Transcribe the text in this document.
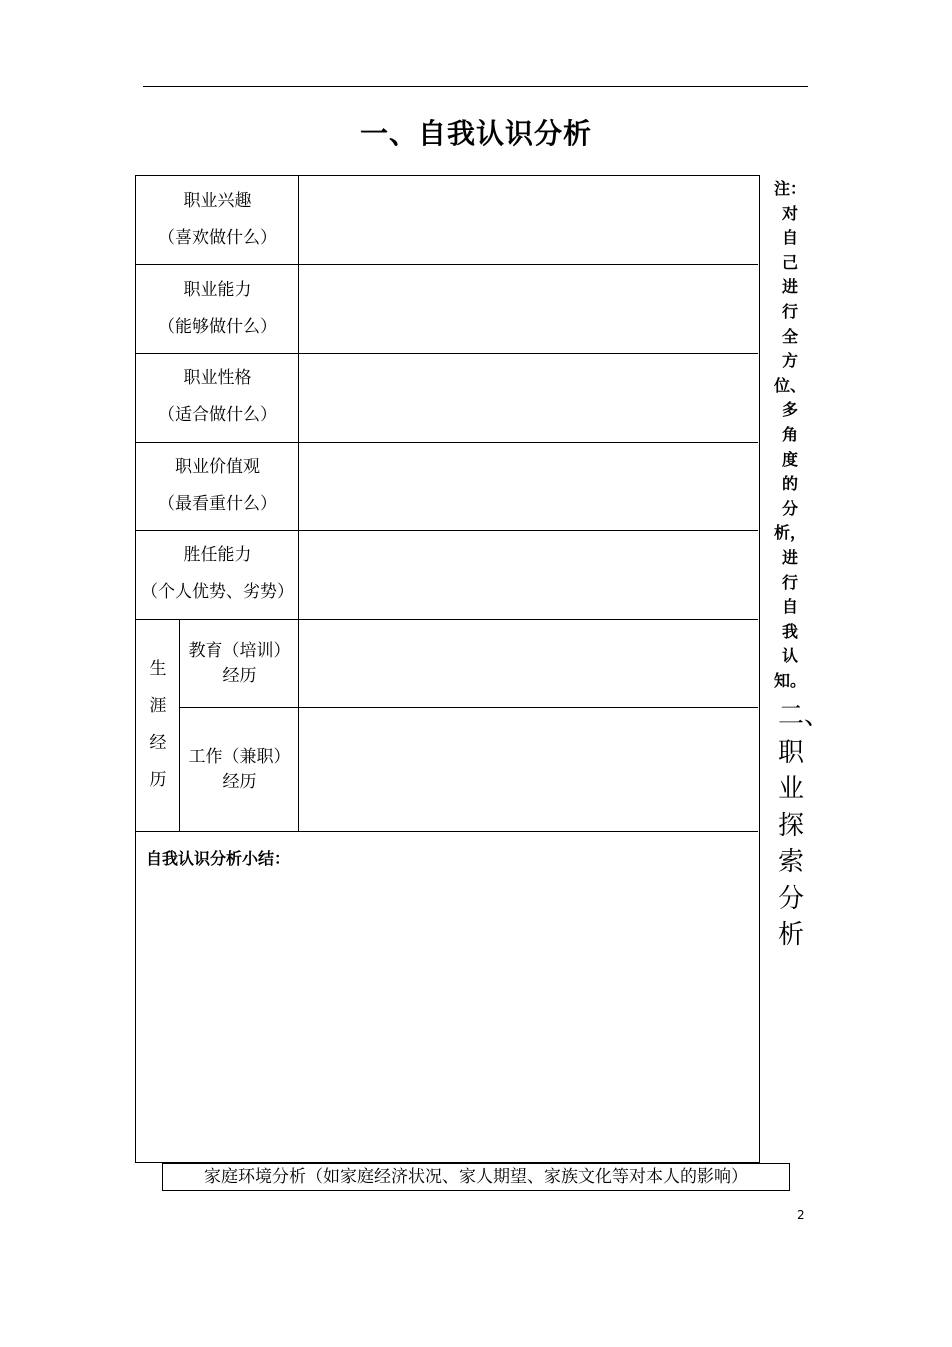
一、自我认识分析
职业兴趣
（喜欢做什么）
职业能力
（能够做什么）
职业性格
（适合做什么）
职业价值观
（最看重什么）
胜任能力
（个人优势、劣势）
生
涯
经
历
教育（培训）
经历
工作（兼职）
经历
自我认识分析小结：
家庭环境分析（如家庭经济状况、家人期望、家族文化等对本人的影响）
注：
对
自
己
进
行
全
方
位、
多
角
度
的
分
析，
进
行
自
我
认
知。
二、
职
业
探
索
分
析
2
